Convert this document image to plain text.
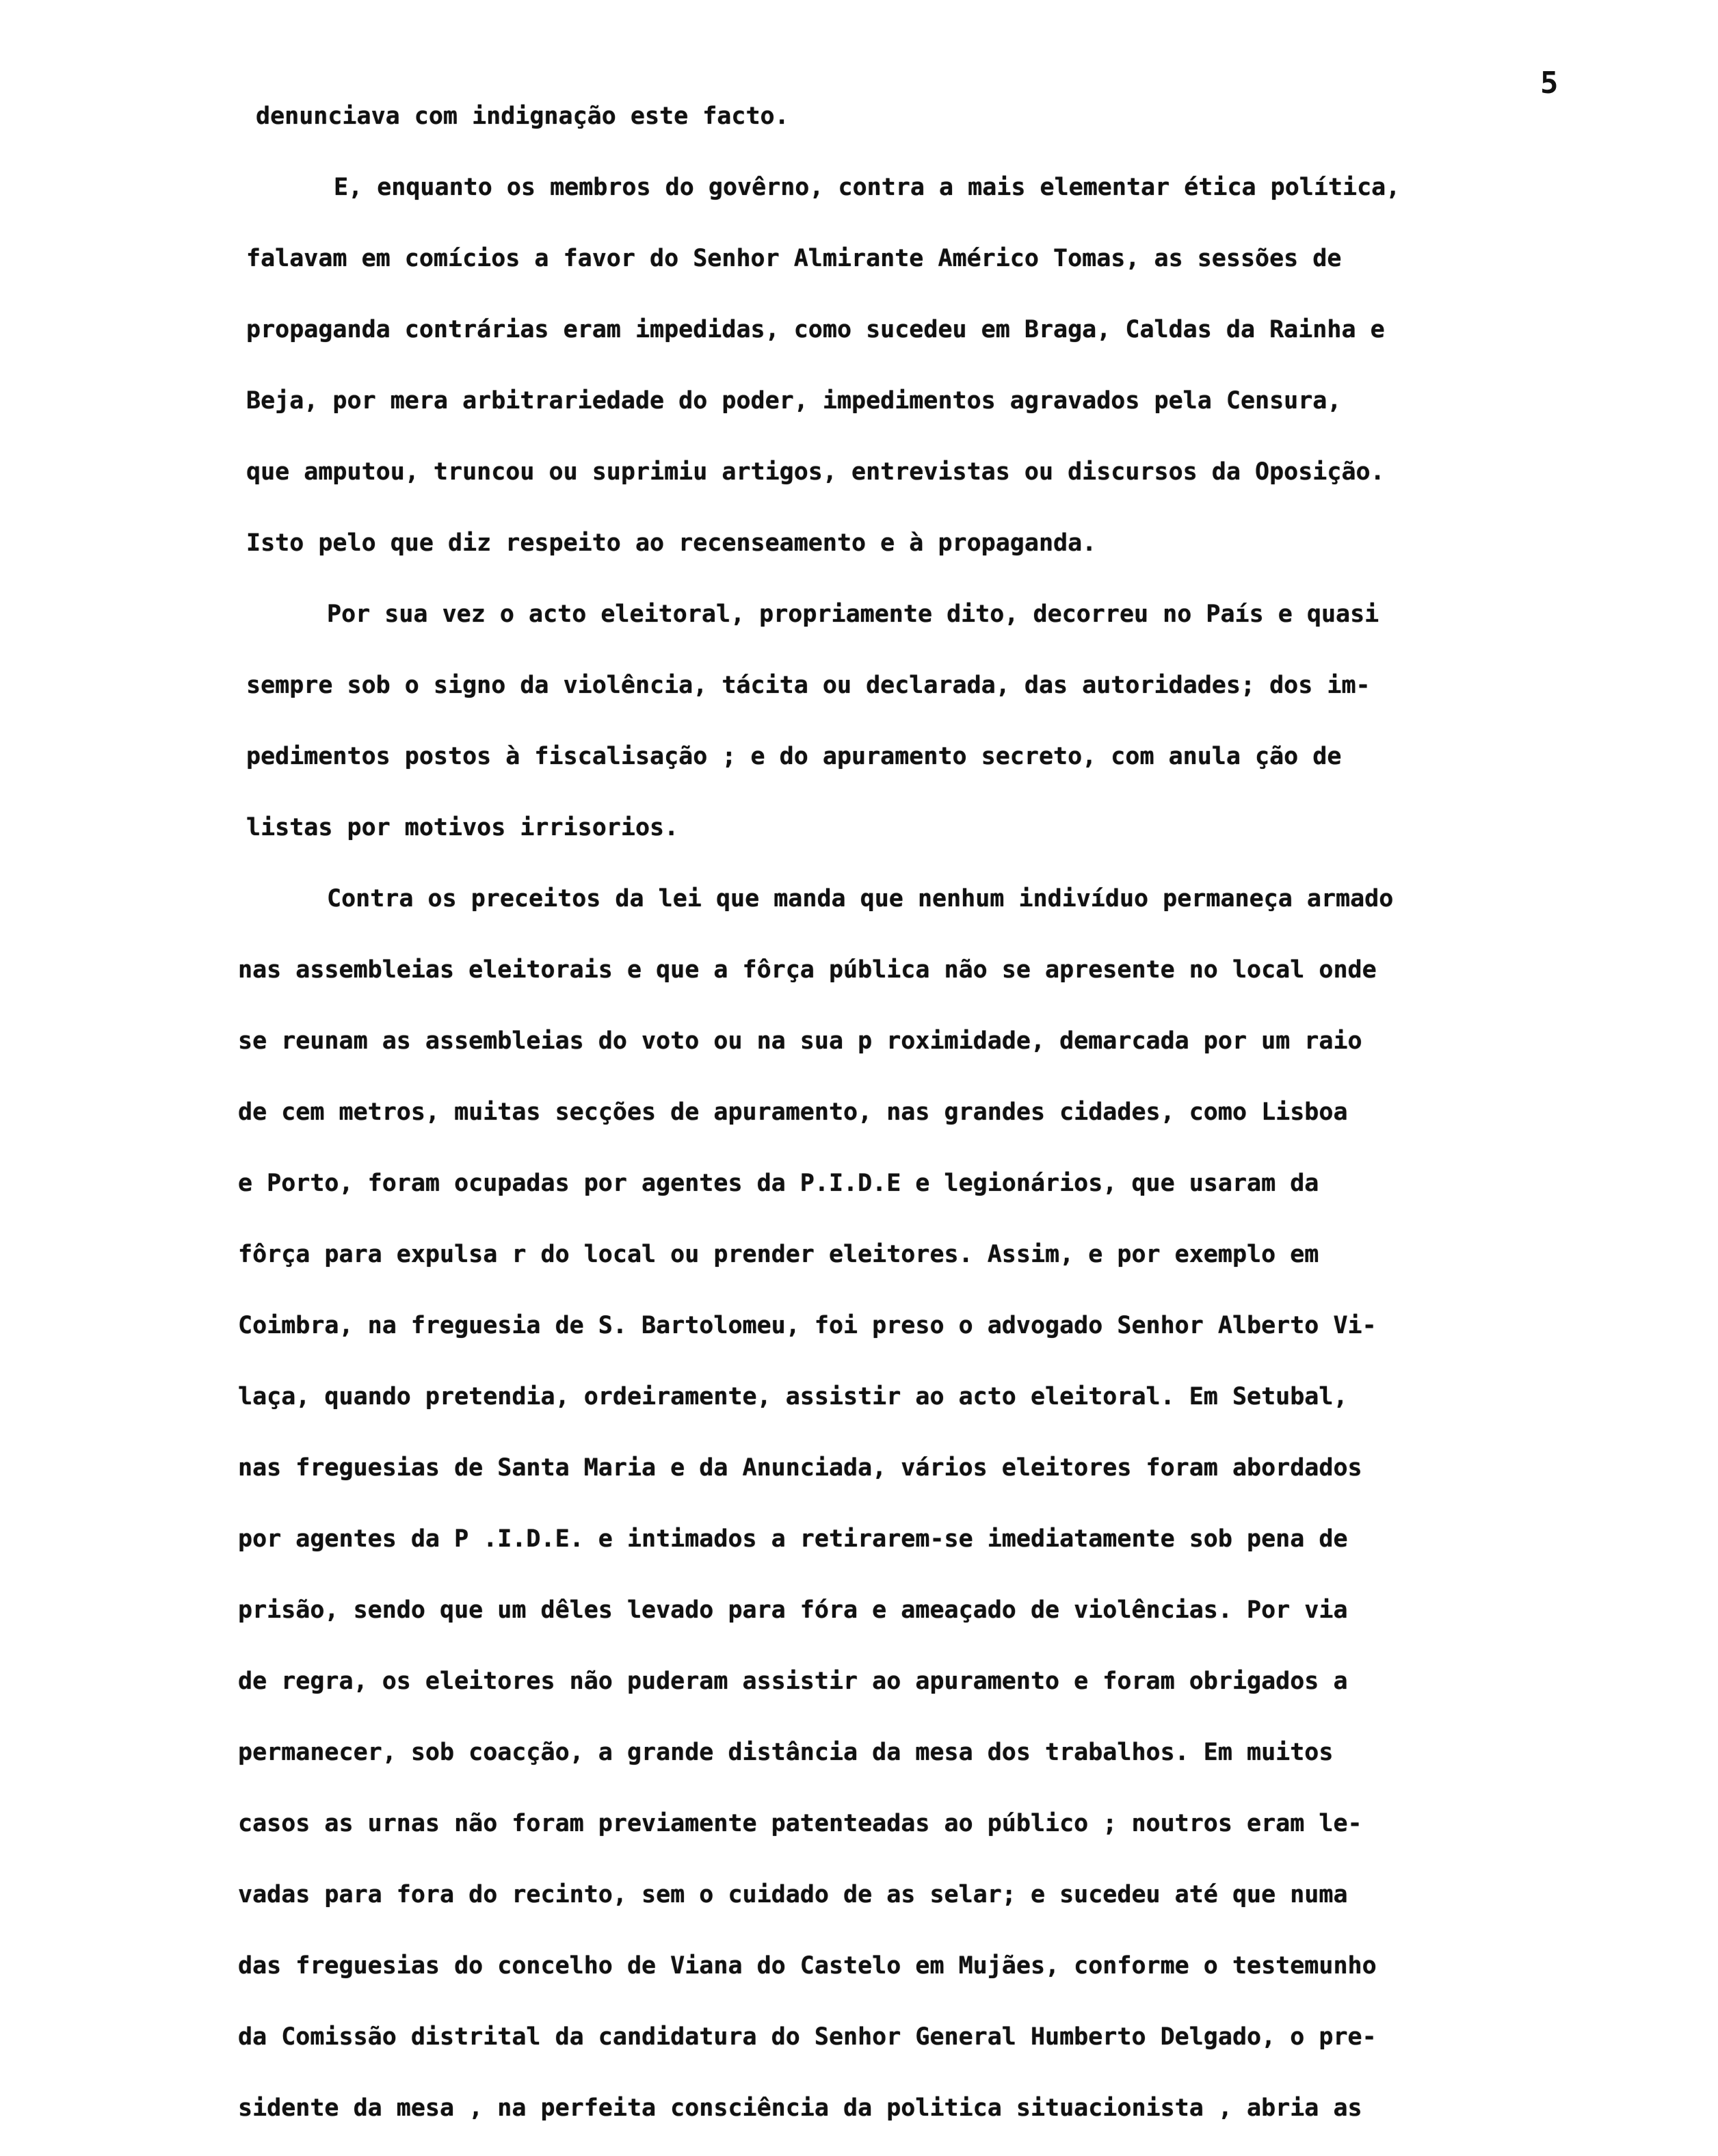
5
denunciava com indignação este facto.
E, enquanto os membros do govêrno, contra a mais elementar ética política,
falavam em comícios a favor do Senhor Almirante Américo Tomas, as sessões de
propaganda contrárias eram impedidas, como sucedeu em Braga, Caldas da Rainha e
Beja, por mera arbitrariedade do poder, impedimentos agravados pela Censura,
que amputou, truncou ou suprimiu artigos, entrevistas ou discursos da Oposição.
Isto pelo que diz respeito ao recenseamento e à propaganda.
Por sua vez o acto eleitoral, propriamente dito, decorreu no País e quasi
sempre sob o signo da violência, tácita ou declarada, das autoridades; dos im-
pedimentos postos à fiscalisação ; e do apuramento secreto, com anula ção de
listas por motivos irrisorios.
Contra os preceitos da lei que manda que nenhum indivíduo permaneça armado
nas assembleias eleitorais e que a fôrça pública não se apresente no local onde
se reunam as assembleias do voto ou na sua p roximidade, demarcada por um raio
de cem metros, muitas secções de apuramento, nas grandes cidades, como Lisboa
e Porto, foram ocupadas por agentes da P.I.D.E e legionários, que usaram da
fôrça para expulsa r do local ou prender eleitores. Assim, e por exemplo em
Coimbra, na freguesia de S. Bartolomeu, foi preso o advogado Senhor Alberto Vi-
laça, quando pretendia, ordeiramente, assistir ao acto eleitoral. Em Setubal,
nas freguesias de Santa Maria e da Anunciada, vários eleitores foram abordados
por agentes da P .I.D.E. e intimados a retirarem-se imediatamente sob pena de
prisão, sendo que um dêles levado para fóra e ameaçado de violências. Por via
de regra, os eleitores não puderam assistir ao apuramento e foram obrigados a
permanecer, sob coacção, a grande distância da mesa dos trabalhos. Em muitos
casos as urnas não foram previamente patenteadas ao público ; noutros eram le-
vadas para fora do recinto, sem o cuidado de as selar; e sucedeu até que numa
das freguesias do concelho de Viana do Castelo em Mujães, conforme o testemunho
da Comissão distrital da candidatura do Senhor General Humberto Delgado, o pre-
sidente da mesa , na perfeita consciência da politica situacionista , abria as
